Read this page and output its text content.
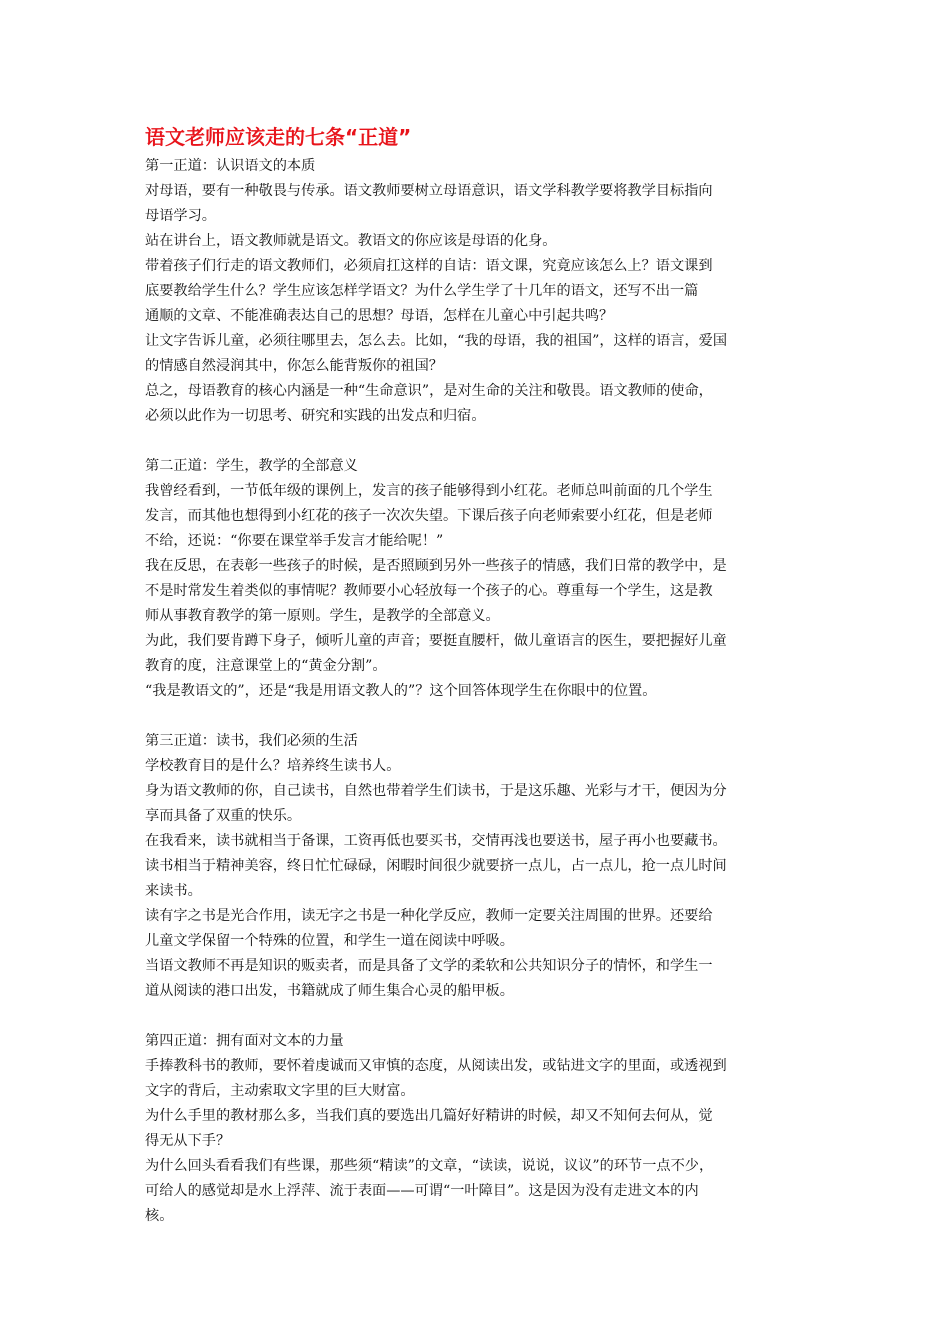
语文老师应该走的七条“正道”

第一正道：认识语文的本质

对母语，要有一种敬畏与传承。语文教师要树立母语意识，语文学科教学要将教学目标指向

母语学习。

站在讲台上，语文教师就是语文。教语文的你应该是母语的化身。

带着孩子们行走的语文教师们，必须肩扛这样的自诘：语文课，究竟应该怎么上？语文课到

底要教给学生什么？学生应该怎样学语文？为什么学生学了十几年的语文，还写不出一篇

通顺的文章、不能准确表达自己的思想？母语，怎样在儿童心中引起共鸣？

让文字告诉儿童，必须往哪里去，怎么去。比如，“我的母语，我的祖国”，这样的语言，爱国

的情感自然浸润其中，你怎么能背叛你的祖国？

总之，母语教育的核心内涵是一种“生命意识”，是对生命的关注和敬畏。语文教师的使命，

必须以此作为一切思考、研究和实践的出发点和归宿。

第二正道：学生，教学的全部意义

我曾经看到，一节低年级的课例上，发言的孩子能够得到小红花。老师总叫前面的几个学生

发言，而其他也想得到小红花的孩子一次次失望。下课后孩子向老师索要小红花，但是老师

不给，还说：“你要在课堂举手发言才能给呢！”

我在反思，在表彰一些孩子的时候，是否照顾到另外一些孩子的情感，我们日常的教学中，是

不是时常发生着类似的事情呢？教师要小心轻放每一个孩子的心。尊重每一个学生，这是教

师从事教育教学的第一原则。学生，是教学的全部意义。

为此，我们要肯蹲下身子，倾听儿童的声音；要挺直腰杆，做儿童语言的医生，要把握好儿童

教育的度，注意课堂上的“黄金分割”。

“我是教语文的”，还是“我是用语文教人的”？这个回答体现学生在你眼中的位置。

第三正道：读书，我们必须的生活

学校教育目的是什么？培养终生读书人。

身为语文教师的你，自己读书，自然也带着学生们读书，于是这乐趣、光彩与才干，便因为分

享而具备了双重的快乐。

在我看来，读书就相当于备课，工资再低也要买书，交情再浅也要送书，屋子再小也要藏书。

读书相当于精神美容，终日忙忙碌碌，闲暇时间很少就要挤一点儿，占一点儿，抢一点儿时间

来读书。

读有字之书是光合作用，读无字之书是一种化学反应，教师一定要关注周围的世界。还要给

儿童文学保留一个特殊的位置，和学生一道在阅读中呼吸。

当语文教师不再是知识的贩卖者，而是具备了文学的柔软和公共知识分子的情怀，和学生一

道从阅读的港口出发，书籍就成了师生集合心灵的船甲板。

第四正道：拥有面对文本的力量

手捧教科书的教师，要怀着虔诚而又审慎的态度，从阅读出发，或钻进文字的里面，或透视到

文字的背后，主动索取文字里的巨大财富。

为什么手里的教材那么多，当我们真的要选出几篇好好精讲的时候，却又不知何去何从，觉

得无从下手？

为什么回头看看我们有些课，那些须“精读”的文章，“读读，说说，议议”的环节一点不少，

可给人的感觉却是水上浮萍、流于表面——可谓“一叶障目”。这是因为没有走进文本的内

核。
